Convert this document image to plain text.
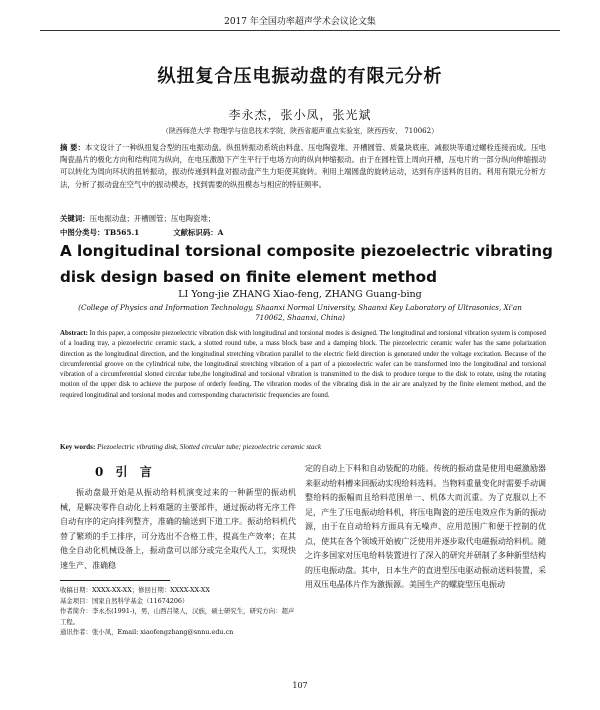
2017 年全国功率超声学术会议论文集
纵扭复合压电振动盘的有限元分析
李永杰，张小凤，张光斌
（陕西师范大学 物理学与信息技术学院，陕西省超声重点实验室，陕西西安， 710062）
摘 要：本文设计了一种纵扭复合型的压电振动盘。纵扭转振动系统由料盘、压电陶瓷堆、开槽圆管、质量块底座、减振块等通过螺栓连接而成。压电陶瓷晶片的极化方向和结构同为纵向，在电压激励下产生平行于电场方向的纵向伸缩振动。由于在圆柱管上周向开槽，压电片的一部分纵向伸缩振动可以转化为周向环状的扭转振动，振动传递到料盘对振动盘产生力矩使其旋转。利用上端圆盘的旋转运动，达到有序送料的目的。利用有限元分析方法，分析了振动盘在空气中的振动模态，找到需要的纵扭模态与相应的特征频率。
关键词：压电振动盘；开槽圆管；压电陶瓷堆；
中图分类号：TB565.1	文献标识码：A
A longitudinal torsional composite piezoelectric vibrating disk design based on finite element method
LI Yong-jie ZHANG Xiao-feng, ZHANG Guang-bing
(College of Physics and Information Technology, Shaanxi Normal University, Shaanxi Key Laboratory of Ultrasonics, Xi'an 710062, Shaanxi, China)
Abstract: In this paper, a composite piezoelectric vibration disk with longitudinal and torsional modes is designed. The longitudinal and torsional vibration system is composed of a loading tray, a piezoelectric ceramic stack, a slotted round tube, a mass block base and a damping block. The piezoelectric ceramic wafer has the same polarization direction as the longitudinal direction, and the longitudinal stretching vibration parallel to the electric field direction is generated under the voltage excitation. Because of the circumferential groove on the cylindrical tube, the longitudinal stretching vibration of a part of a piezoelectric wafer can be transformed into the longitudinal and torsional vibration of a circumferential slotted circular tube,the longitudinal and torsional vibration is transmitted to the disk to produce torque to the disk to rotate, using the rotating motion of the upper disk to achieve the purpose of orderly feeding. The vibration modes of the vibrating disk in the air are analyzed by the finite element method, and the required longitudinal and torsional modes and corresponding characteristic frequencies are found.
Key words: Piezoelectric vibrating disk, Slotted circular tube; piezoelectric ceramic stack
0 引 言
振动盘最开始是从振动给料机演变过来的一种新型的振动机械，是解决零件自动化上料难题的主要部件，通过振动将无序工件自动有序的定向排列整齐，准确的输送到下道工序。振动给料机代替了繁琐的手工排序，可分选出不合格工件，提高生产效率；在其他全自动化机械设备上，振动盘可以部分或完全取代人工，实现快速生产、准确稳
定的自动上下料和自动装配的功能。传统的振动盘是使用电磁激励器来驱动给料槽来回振动实现给料选料。当物料重量变化时需要手动调整给料的振幅而且给料范围单一、机体大而沉重。为了克服以上不足，产生了压电振动给料机，将压电陶瓷的逆压电效应作为新的振动源，由于在自动给料方面具有无噪声、应用范围广和便于控制的优点，使其在各个领域开始被广泛使用并逐步取代电磁振动给料机。随之许多国家对压电给料装置进行了深入的研究并研制了多种新型结构的压电振动盘。其中，日本生产的直进型压电驱动振动送料装置，采用双压电晶体片作为激振源。美国生产的螺旋型压电振动
收稿日期：XXXX-XX-XX；修回日期：XXXX-XX-XX
基金项目：国家自然科学基金（11674206）
作者简介：李永杰(1991-)，男，山西吕梁人，汉族，硕士研究生，研究方向：超声工程。
通讯作者：张小凤，Email: xiaofengzhang@snnu.edu.cn
107
